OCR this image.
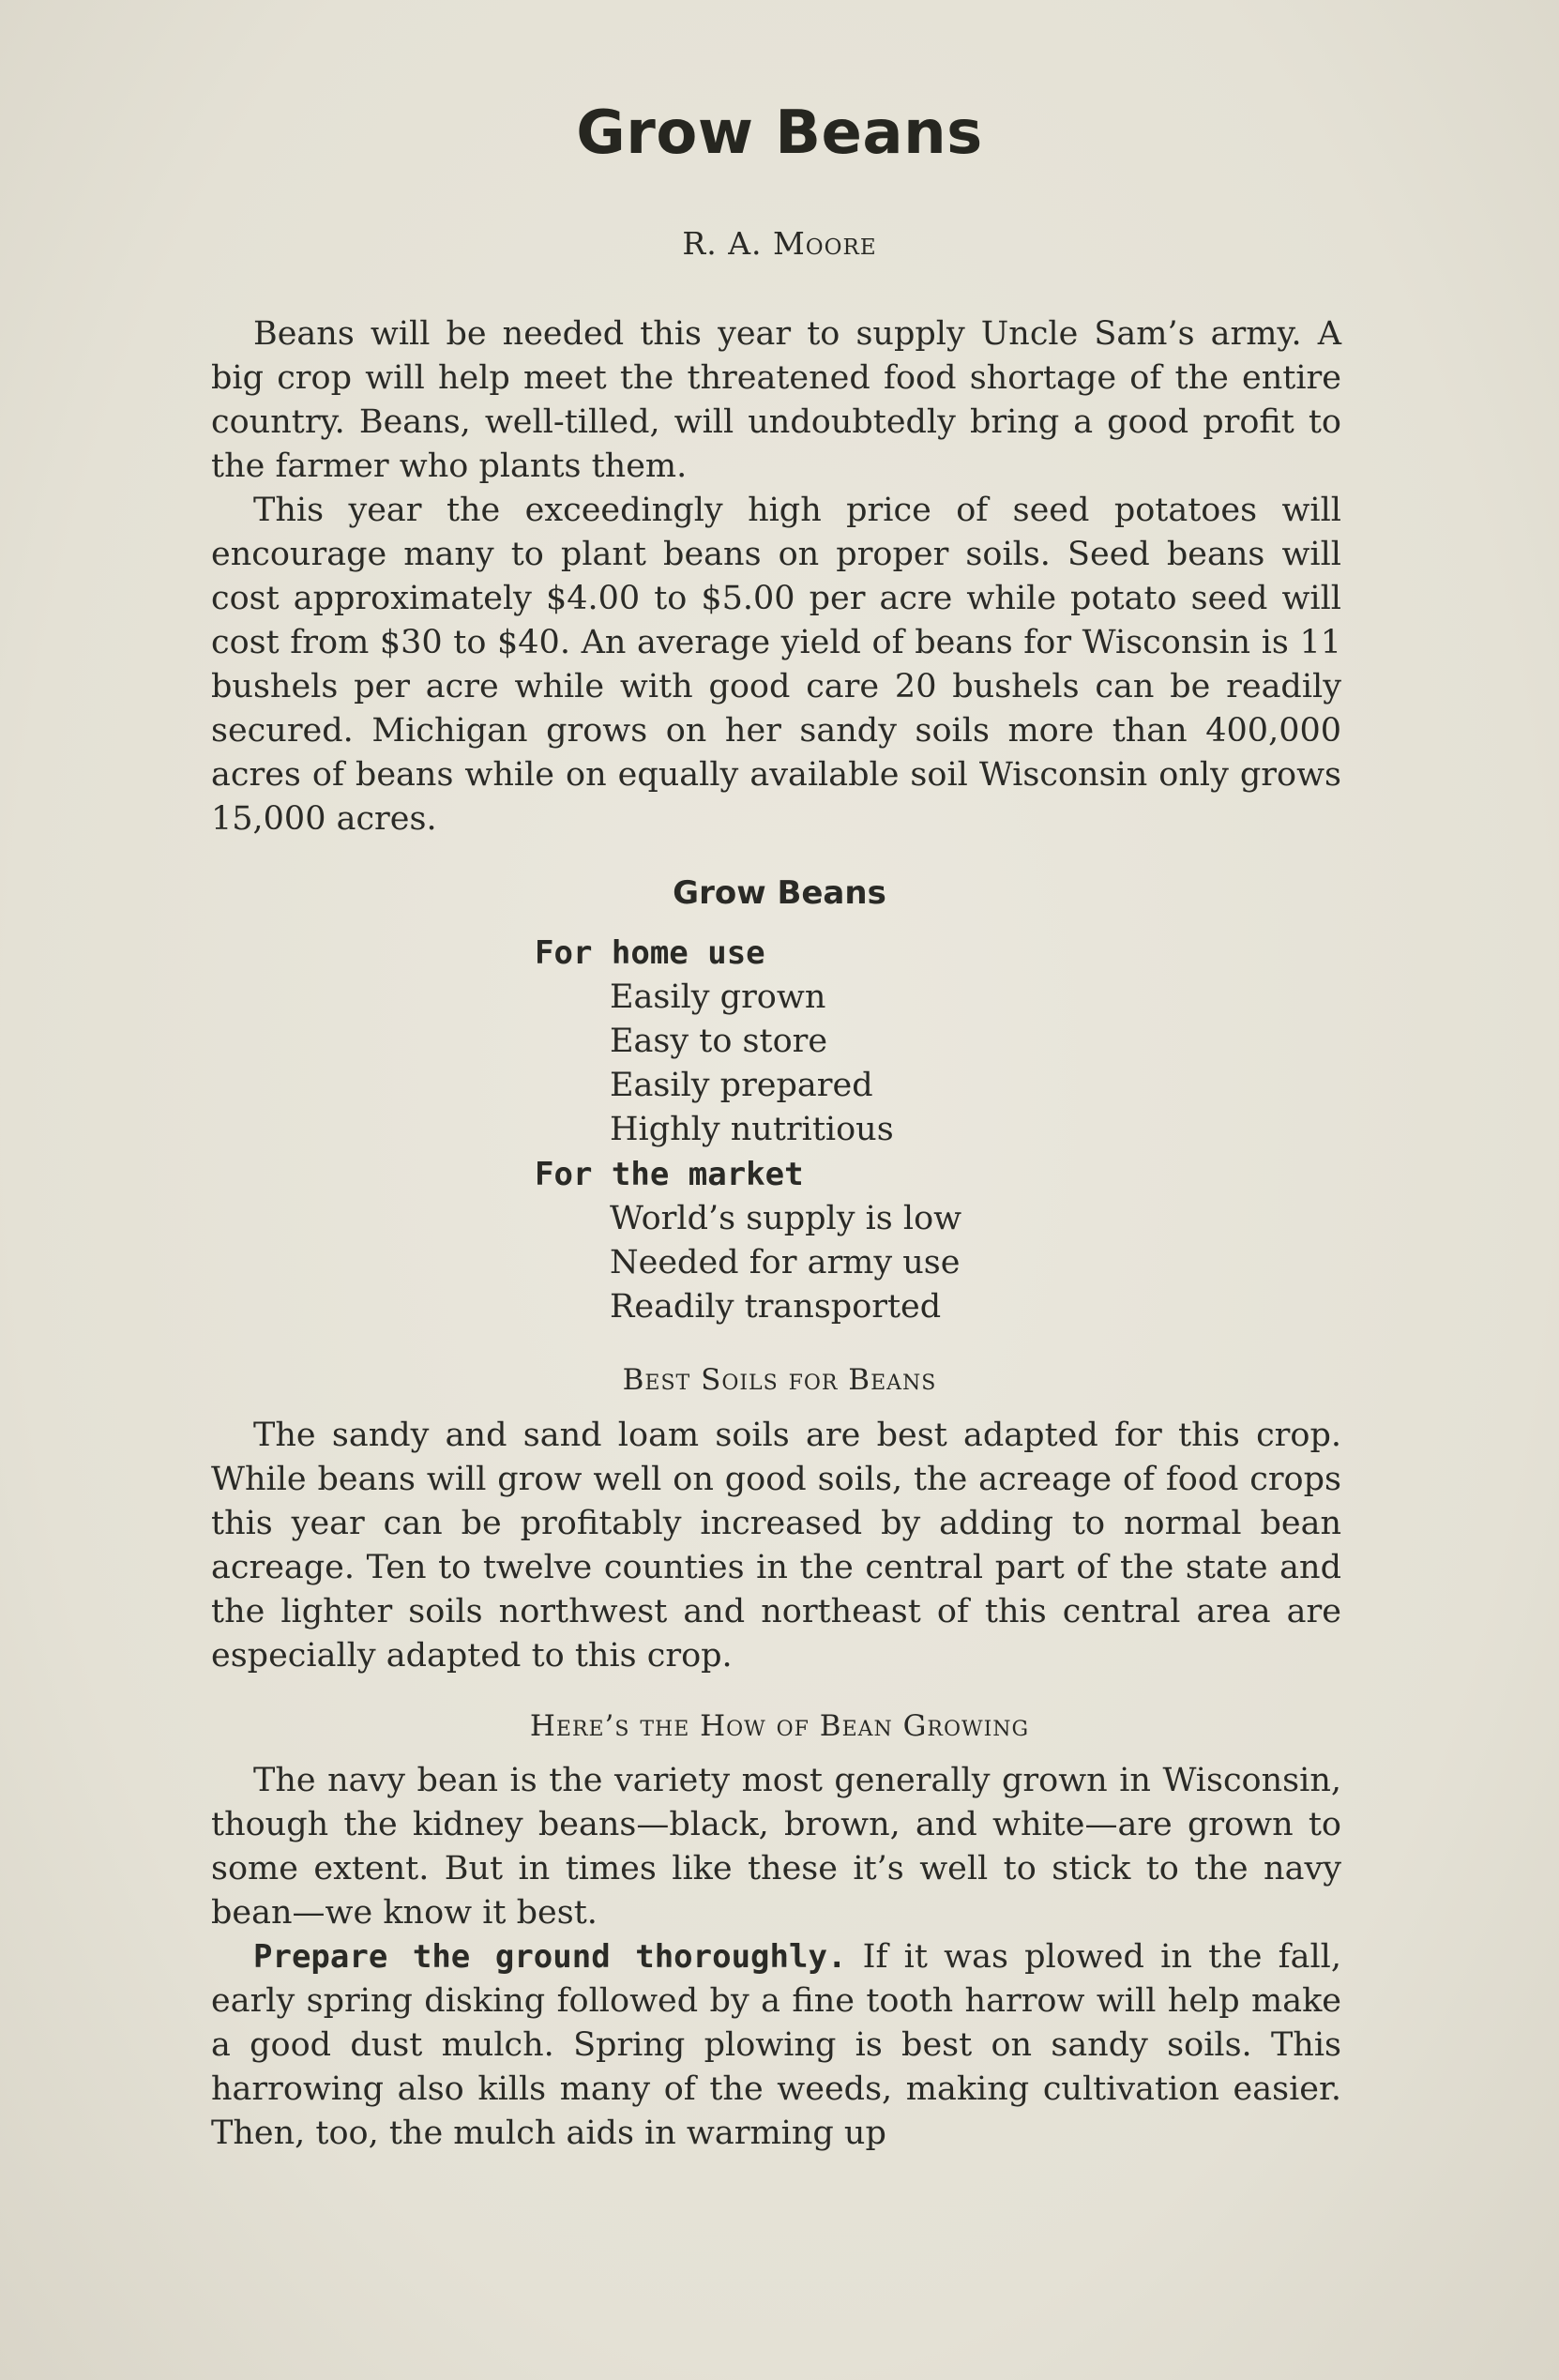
Grow Beans
R. A. Moore

Beans will be needed this year to supply Uncle Sam’s army. A big crop will help meet the threatened food shortage of the entire country. Beans, well-tilled, will undoubtedly bring a good profit to the farmer who plants them.

This year the exceedingly high price of seed potatoes will encourage many to plant beans on proper soils. Seed beans will cost approximately $4.00 to $5.00 per acre while potato seed will cost from $30 to $40. An average yield of beans for Wisconsin is 11 bushels per acre while with good care 20 bushels can be readily secured. Michigan grows on her sandy soils more than 400,000 acres of beans while on equally available soil Wisconsin only grows 15,000 acres.

Grow Beans
For home use
Easily grown
Easy to store
Easily prepared
Highly nutritious
For the market
World’s supply is low
Needed for army use
Readily transported
Best Soils for Beans

The sandy and sand loam soils are best adapted for this crop. While beans will grow well on good soils, the acreage of food crops this year can be profitably increased by adding to normal bean acreage. Ten to twelve counties in the central part of the state and the lighter soils northwest and northeast of this central area are especially adapted to this crop.

Here’s the How of Bean Growing

The navy bean is the variety most generally grown in Wisconsin, though the kidney beans—black, brown, and white—are grown to some extent. But in times like these it’s well to stick to the navy bean—we know it best.

Prepare the ground thoroughly. If it was plowed in the fall, early spring disking followed by a fine tooth harrow will help make a good dust mulch. Spring plowing is best on sandy soils. This harrowing also kills many of the weeds, making cultivation easier. Then, too, the mulch aids in warming up
